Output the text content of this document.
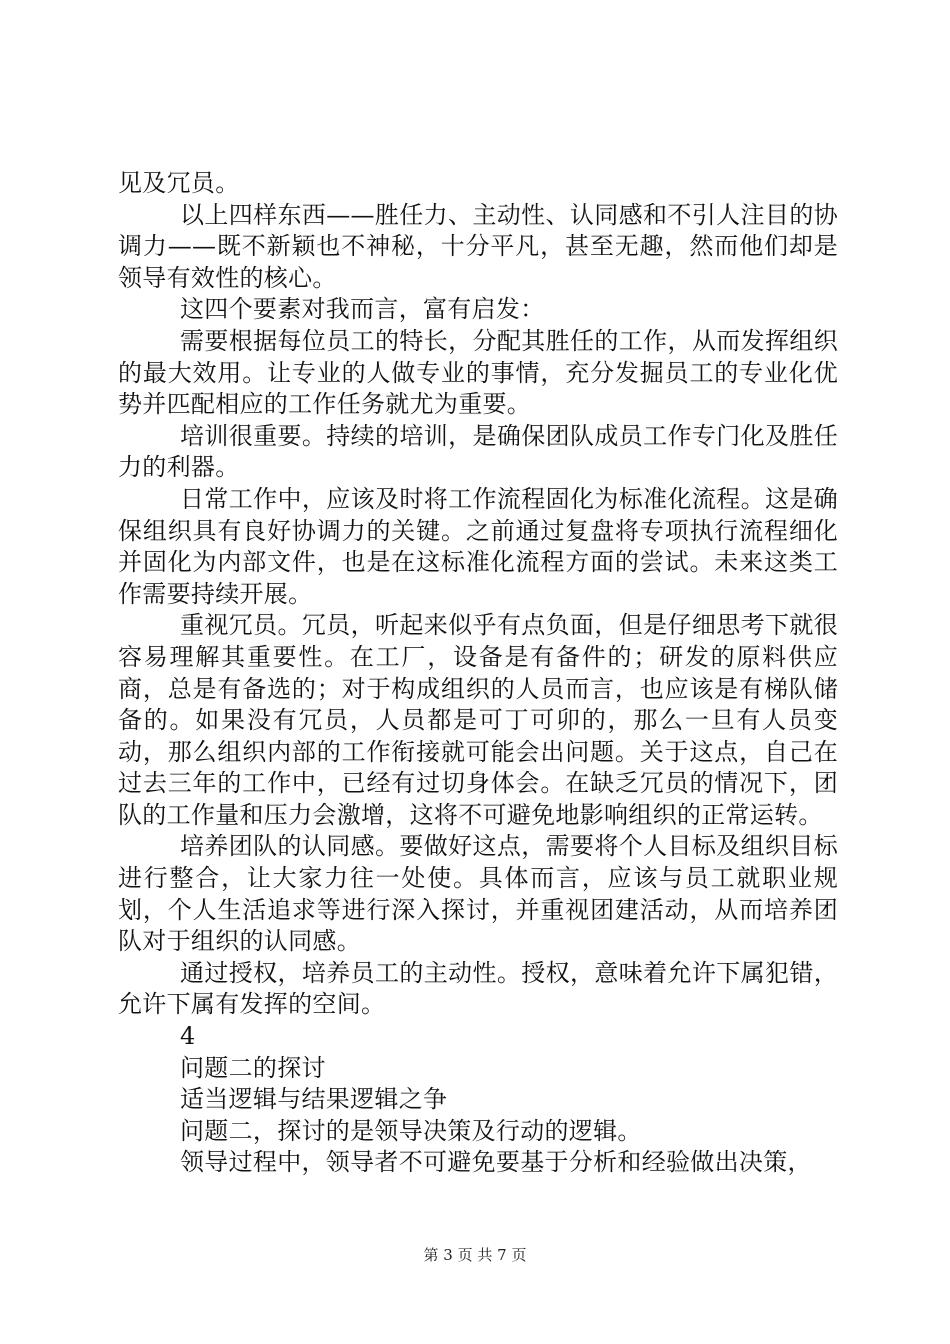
见及冗员。

以上四样东西——胜任力、主动性、认同感和不引人注目的协调力——既不新颖也不神秘，十分平凡，甚至无趣，然而他们却是领导有效性的核心。

这四个要素对我而言，富有启发：

需要根据每位员工的特长，分配其胜任的工作，从而发挥组织的最大效用。让专业的人做专业的事情，充分发掘员工的专业化优势并匹配相应的工作任务就尤为重要。

培训很重要。持续的培训，是确保团队成员工作专门化及胜任力的利器。

日常工作中，应该及时将工作流程固化为标准化流程。这是确保组织具有良好协调力的关键。之前通过复盘将专项执行流程细化并固化为内部文件，也是在这标准化流程方面的尝试。未来这类工作需要持续开展。

重视冗员。冗员，听起来似乎有点负面，但是仔细思考下就很容易理解其重要性。在工厂，设备是有备件的；研发的原料供应商，总是有备选的；对于构成组织的人员而言，也应该是有梯队储备的。如果没有冗员，人员都是可丁可卯的，那么一旦有人员变动，那么组织内部的工作衔接就可能会出问题。关于这点，自己在过去三年的工作中，已经有过切身体会。在缺乏冗员的情况下，团队的工作量和压力会激增，这将不可避免地影响组织的正常运转。

培养团队的认同感。要做好这点，需要将个人目标及组织目标进行整合，让大家力往一处使。具体而言，应该与员工就职业规划，个人生活追求等进行深入探讨，并重视团建活动，从而培养团队对于组织的认同感。

通过授权，培养员工的主动性。授权，意味着允许下属犯错，允许下属有发挥的空间。

4

问题二的探讨

适当逻辑与结果逻辑之争

问题二，探讨的是领导决策及行动的逻辑。

领导过程中，领导者不可避免要基于分析和经验做出决策，

第 3 页 共 7 页
